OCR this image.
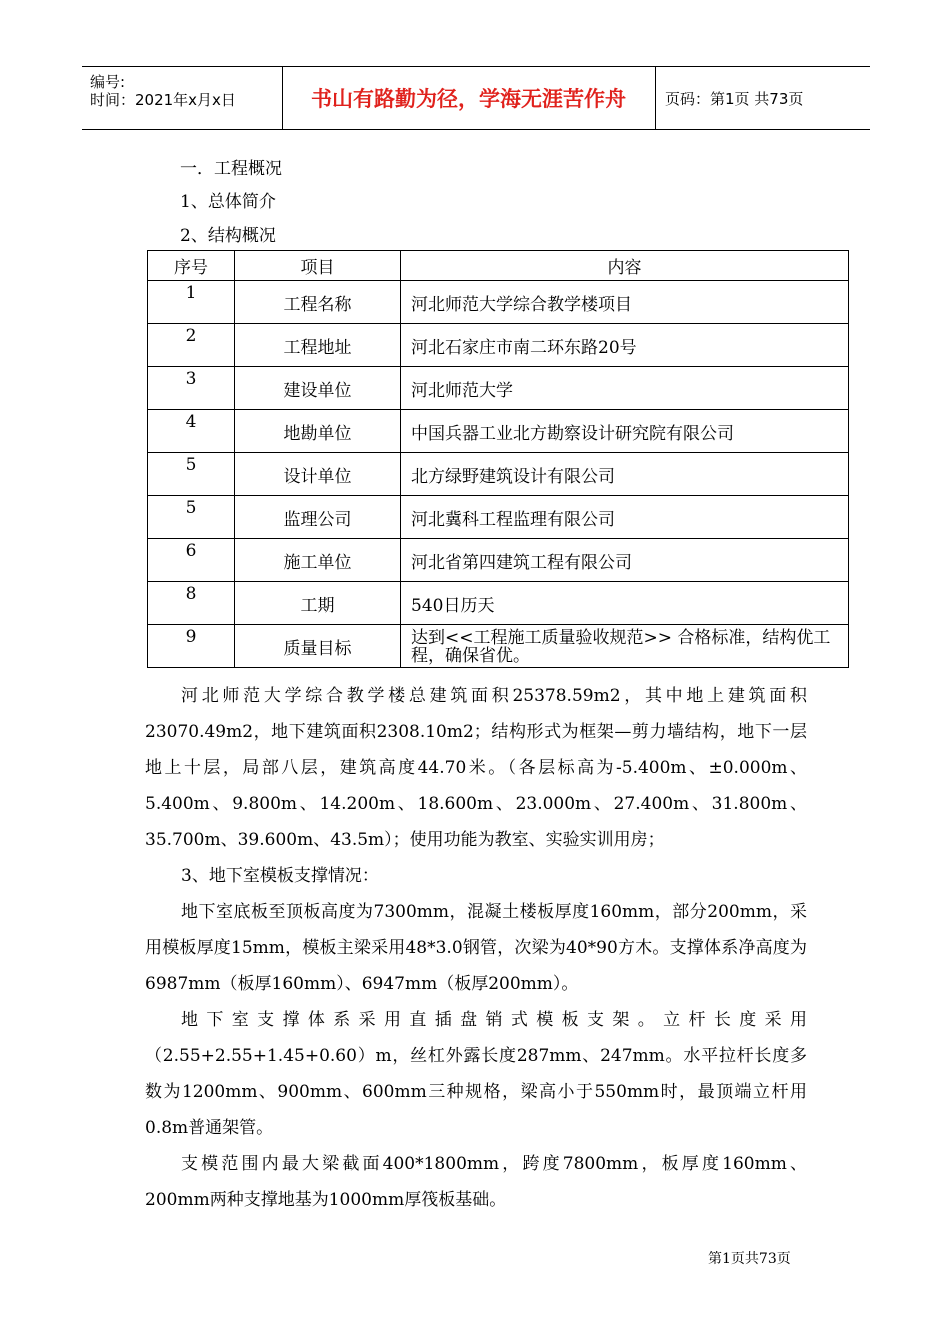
编号:
时间：2021年x月x日	书山有路勤为径，学海无涯苦作舟	页码：第1页 共73页
一．工程概况
1、总体简介
2、结构概况
序号	项目	内容
1	工程名称	河北师范大学综合教学楼项目
2	工程地址	河北石家庄市南二环东路20号
3	建设单位	河北师范大学
4	地勘单位	中国兵器工业北方勘察设计研究院有限公司
5	设计单位	北方绿野建筑设计有限公司
5	监理公司	河北冀科工程监理有限公司
6	施工单位	河北省第四建筑工程有限公司
8	工期	540日历天
9	质量目标	达到<<工程施工质量验收规范>> 合格标准，结构优工程，确保省优。
河北师范大学综合教学楼总建筑面积25378.59m2，其中地上建筑面积23070.49m2，地下建筑面积2308.10m2；结构形式为框架—剪力墙结构，地下一层地上十层，局部八层，建筑高度44.70米。（各层标高为-5.400m、±0.000m、5.400m、9.800m、14.200m、18.600m、23.000m、27.400m、31.800m、35.700m、39.600m、43.5m）；使用功能为教室、实验实训用房；
3、地下室模板支撑情况：
地下室底板至顶板高度为7300mm，混凝土楼板厚度160mm，部分200mm，采用模板厚度15mm，模板主梁采用48*3.0钢管，次梁为40*90方木。支撑体系净高度为6987mm（板厚160mm）、6947mm（板厚200mm）。
地下室支撑体系采用直插盘销式模板支架。立杆长度采用（2.55+2.55+1.45+0.60）m，丝杠外露长度287mm、247mm。水平拉杆长度多数为1200mm、900mm、600mm三种规格，梁高小于550mm时，最顶端立杆用0.8m普通架管。
支模范围内最大梁截面400*1800mm，跨度7800mm，板厚度160mm、200mm两种支撑地基为1000mm厚筏板基础。
第1页共73页
